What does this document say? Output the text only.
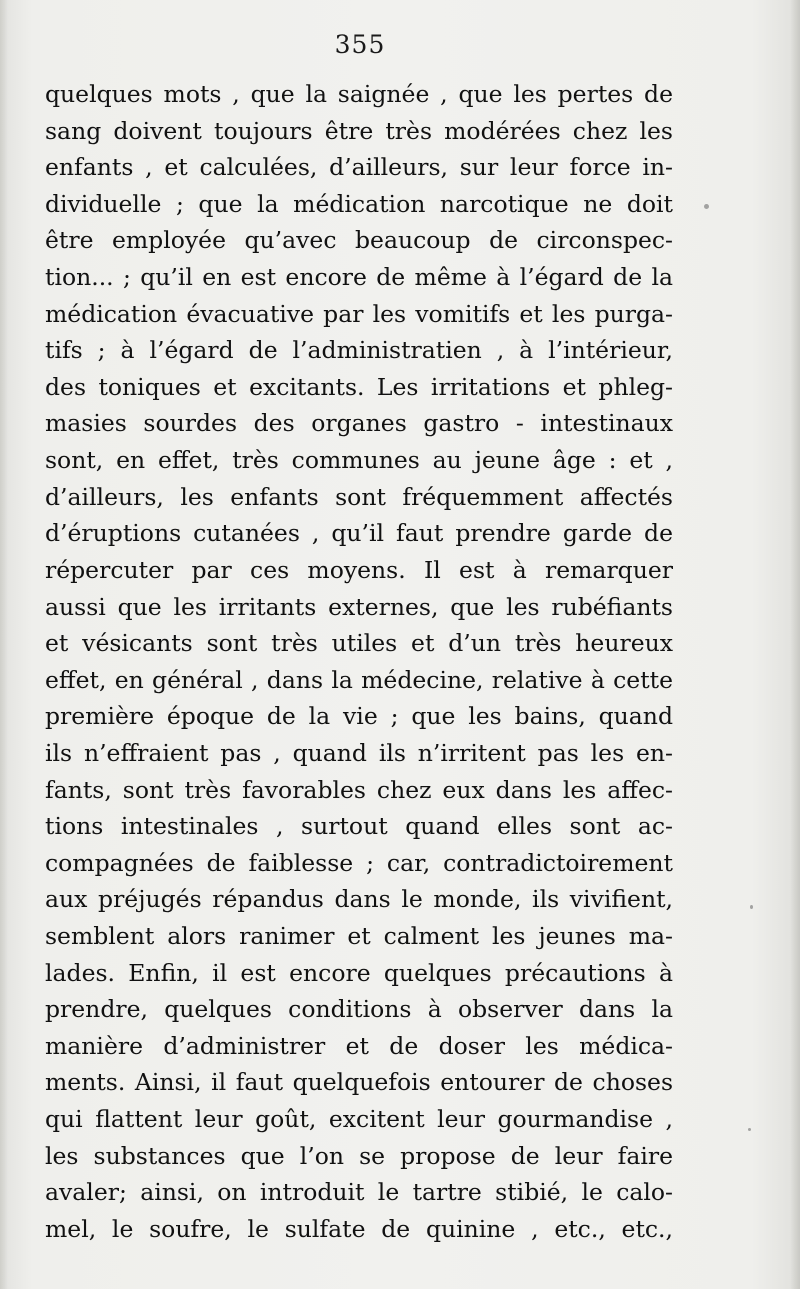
355
quelques mots , que la saignée , que les pertes de
sang doivent toujours être très modérées chez les
enfants , et calculées, d’ailleurs, sur leur force in-
dividuelle ; que la médication narcotique ne doit
être employée qu’avec beaucoup de circonspec-
tion... ; qu’il en est encore de même à l’égard de la
médication évacuative par les vomitifs et les purga-
tifs ; à l’égard de l’administratien , à l’intérieur,
des toniques et excitants. Les irritations et phleg-
masies sourdes des organes gastro - intestinaux
sont, en effet, très communes au jeune âge : et ,
d’ailleurs, les enfants sont fréquemment affectés
d’éruptions cutanées , qu’il faut prendre garde de
répercuter par ces moyens. Il est à remarquer
aussi que les irritants externes, que les rubéfiants
et vésicants sont très utiles et d’un très heureux
effet, en général , dans la médecine, relative à cette
première époque de la vie ; que les bains, quand
ils n’effraient pas , quand ils n’irritent pas les en-
fants, sont très favorables chez eux dans les affec-
tions intestinales , surtout quand elles sont ac-
compagnées de faiblesse ; car, contradictoirement
aux préjugés répandus dans le monde, ils vivifient,
semblent alors ranimer et calment les jeunes ma-
lades. Enfin, il est encore quelques précautions à
prendre, quelques conditions à observer dans la
manière d’administrer et de doser les médica-
ments. Ainsi, il faut quelquefois entourer de choses
qui flattent leur goût, excitent leur gourmandise ,
les substances que l’on se propose de leur faire
avaler; ainsi, on introduit le tartre stibié, le calo-
mel, le soufre, le sulfate de quinine , etc., etc.,
